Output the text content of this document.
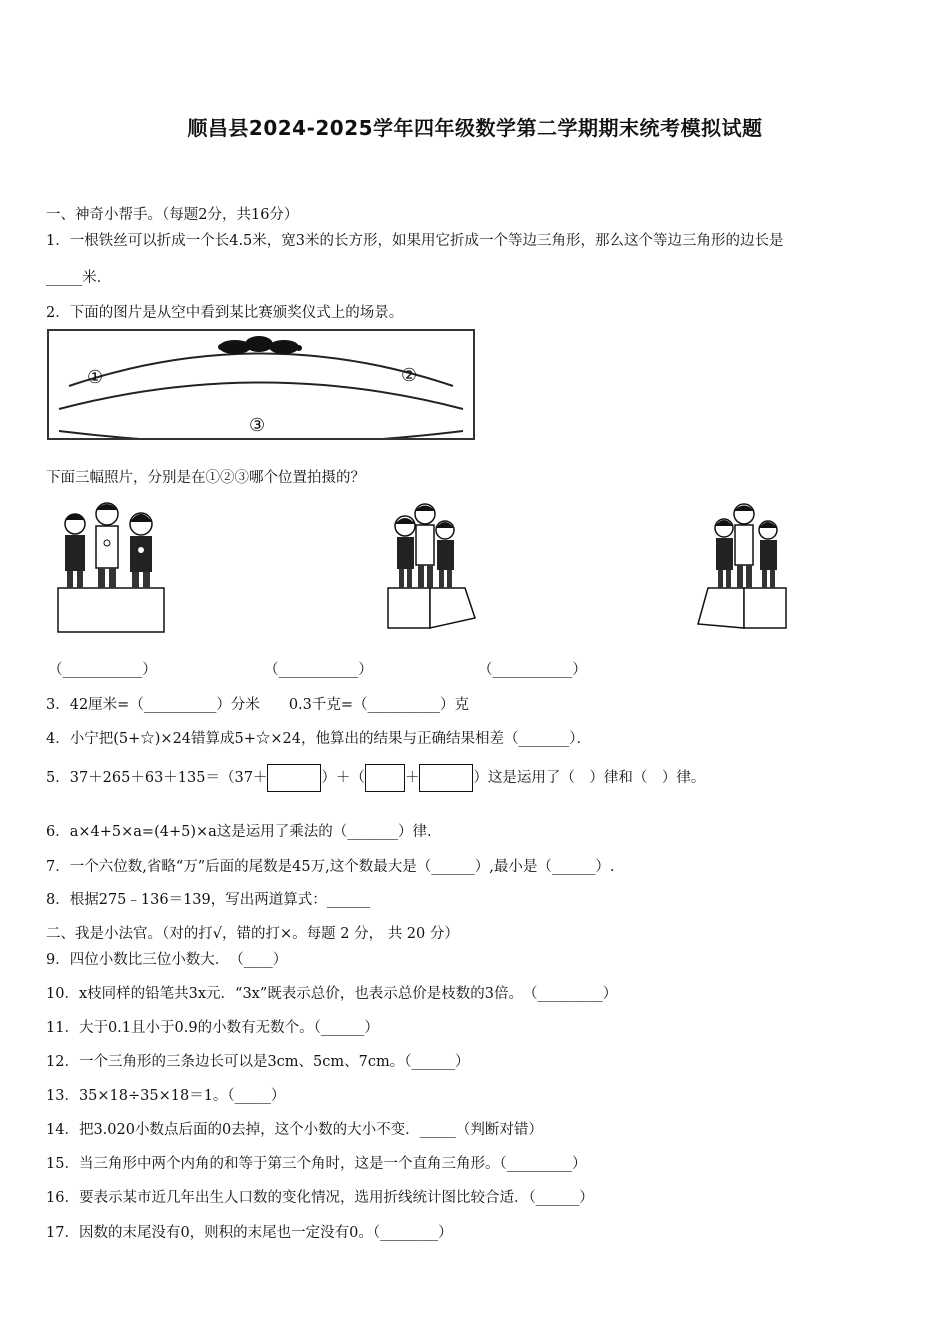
顺昌县2024-2025学年四年级数学第二学期期末统考模拟试题
一、神奇小帮手。（每题2分，共16分）
1．一根铁丝可以折成一个长4.5米，宽3米的长方形，如果用它折成一个等边三角形，那么这个等边三角形的边长是
_____米．
2．下面的图片是从空中看到某比赛颁奖仪式上的场景。
①	②
③
下面三幅照片，分别是在①②③哪个位置拍摄的？
（___________）	（___________）	（___________）
3．42厘米=（__________）分米　　0.3千克=（__________）克
4．小宁把(5+☆)×24错算成5+☆×24，他算出的结果与正确结果相差（_______）．
5．37＋265＋63＋135＝（37＋	）＋（	＋	）这是运用了（　）律和（　）律。
6．a×4+5×a=(4+5)×a这是运用了乘法的（_______）律.
7．一个六位数,省略“万”后面的尾数是45万,这个数最大是（______）,最小是（______）.
8．根据275﹣136＝139，写出两道算式：______
二、我是小法官。（对的打√，错的打×。每题 2 分， 共 20 分）
9．四位小数比三位小数大．　（____）
10．x枝同样的铅笔共3x元．“3x”既表示总价，也表示总价是枝数的3倍。　（_________）
11．大于0.1且小于0.9的小数有无数个。（______）
12．一个三角形的三条边长可以是3cm、5cm、7cm。（______）
13．35×18÷35×18＝1。（_____）
14．把3.020小数点后面的0去掉，这个小数的大小不变．_____（判断对错）
15．当三角形中两个内角的和等于第三个角时，这是一个直角三角形。（_________）
16．要表示某市近几年出生人口数的变化情况，选用折线统计图比较合适．（______）
17．因数的末尾没有0，则积的末尾也一定没有0。（________）
